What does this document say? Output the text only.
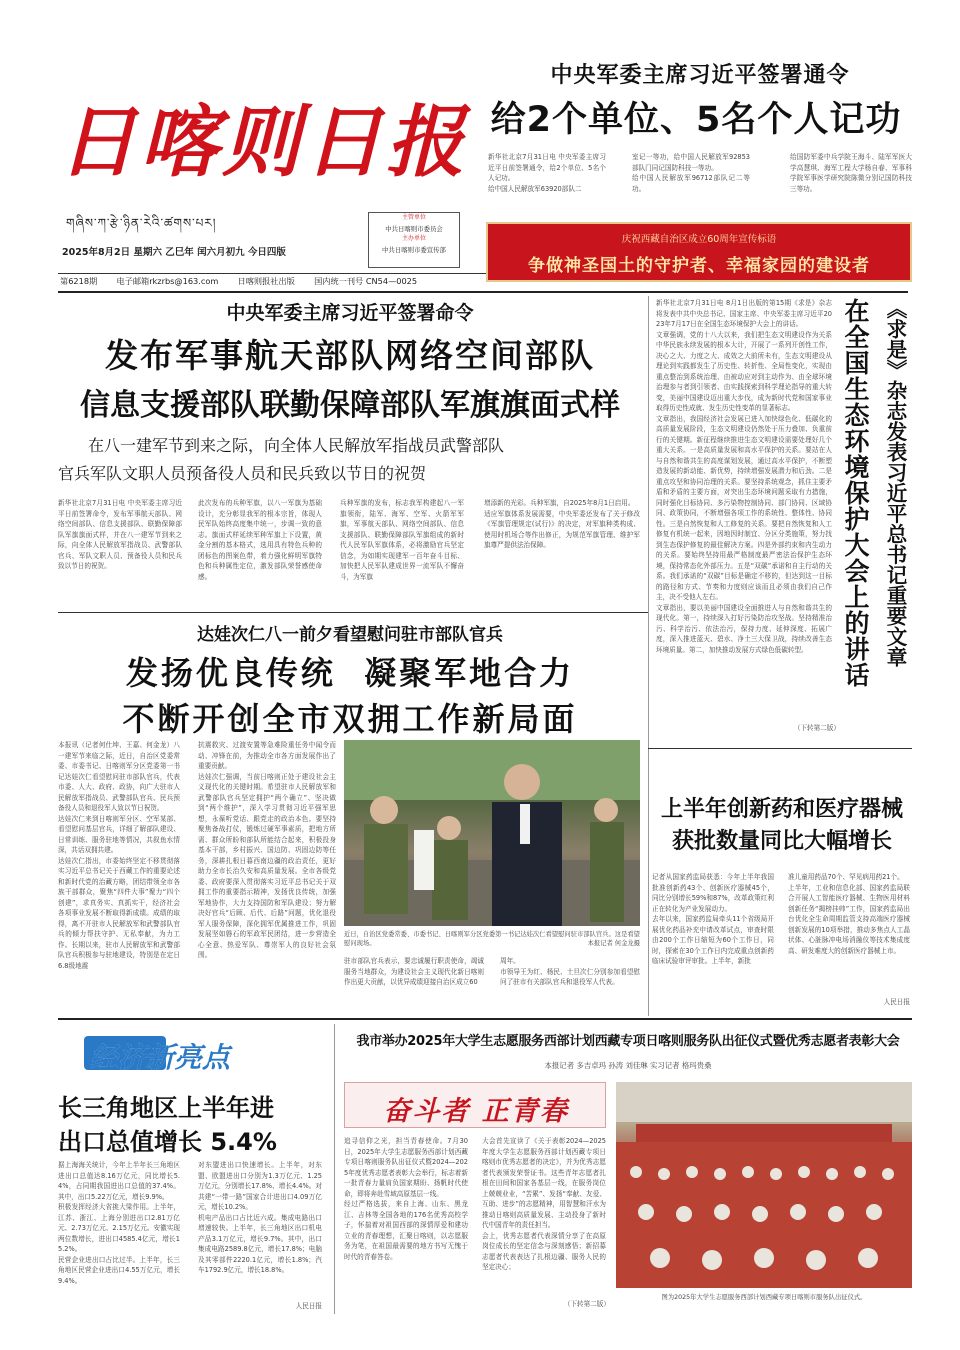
日喀则日报
གཞིས་ཀ་རྩེ་ཉིན་རེའི་ཚགས་པར།
2025年8月2日 星期六 乙巳年 闰六月初九 今日四版
主管单位
中共日喀则市委员会
主办单位
中共日喀则市委宣传部
第6218期 电子邮箱rkzrbs@163.com 日喀则报社出版 国内统一刊号 CN54—0025
中央军委主席习近平签署通令
给2个单位、5名个人记功
新华社北京7月31日电 中央军委主席习近平日前签署通令，给2个单位、5名个人记功。
给中国人民解放军63920部队二
室记一等功，给中国人民解放军92853部队门同记国防科技一等功。
给中国人民解放军96712部队记二等功。
给国防军委中兵学院王海斗、陆军军医大学高慧琪、海军工程大学杨自春、军事科学院军事医学研究院陈微分别记国防科技三等功。
庆祝西藏自治区成立60周年宣传标语
争做神圣国土的守护者、幸福家园的建设者
中央军委主席习近平签署命令
发布军事航天部队网络空间部队
信息支援部队联勤保障部队军旗旗面式样
在八一建军节到来之际，向全体人民解放军指战员武警部队
官兵军队文职人员预备役人员和民兵致以节日的祝贺
新华社北京7月31日电 中央军委主席习近平日前签署命令，发布军事航天部队、网络空间部队、信息支援部队、联勤保障部队军旗旗面式样，并在八一建军节到来之际，向全体人民解放军指战员、武警部队官兵、军队文职人员、预备役人员和民兵致以节日的祝贺。
此次发布的兵种军旗，以八一军旗为基础设计，充分彰显我军的根本宗旨，体现人民军队始终高度集中统一，步调一致的意志。旗面式样延续军种军旗上下设置，黄金分割的基本格式，选用具有特色兵种的团标色的图案色带，着力强化鲜明军旗特色和兵种属性定位，激发部队荣誉感使命感。
兵种军旗的发布，标志我军构建起八一军旗领衔，陆军、海军、空军、火箭军军旗，军事航天部队、网络空间部队、信息支援部队、联勤保障部队军旗组成的新时代人民军队军旗体系，必将激励官兵坚定信念，为如期实现建军一百年奋斗目标、加快把人民军队建成世界一流军队不懈奋斗，为军旗
增添新的光彩。兵种军旗，自2025年8月1日启用。
适应军旗体系发展需要，中央军委还发布了关于修改《军旗管理规定(试行)》的决定，对军旗种类构成、使用时机场合等作出修正，为规范军旗管理、维护军旗尊严提供法治保障。
达娃次仁八一前夕看望慰问驻市部队官兵
发扬优良传统  凝聚军地合力
不断开创全市双拥工作新局面
本报讯（记者何仕坤、王嘉、何金龙）八一建军节来临之际，近日，自治区党委常委、市委书记、日喀则军分区党委第一书记达娃次仁看望慰问驻市部队官兵，代表市委、人大、政府、政协，向广大驻市人民解放军指战员、武警部队官兵、民兵预备役人员和退役军人致以节日祝贺。
达娃次仁来到日喀则军分区、空军某部、看望慰问基层官兵，详细了解部队建设、日常训练、服务驻地等情况，共叙鱼水情深，共话双拥共建。
达娃次仁指出，市委始终坚定不移贯彻落实习近平总书记关于西藏工作的重要论述和新时代党的治藏方略，团结带领全市各族干部群众，聚焦“四件大事”聚力“四个创建”，求真务实、真抓实干，经济社会各项事业发展不断取得新成绩。成绩的取得，离不开驻市人民解放军和武警部队官兵的倾力帮扶守护、无私奉献，为力工作。长期以来，驻市人民解放军和武警部队官兵积极参与驻地建设，特别是在定日6.8级地震
抗震救灾、过渡安置等急难险重任务中闻令而动、冲锋在前，为推动全市各方面发展作出了重要贡献。
达娃次仁强调，当前日喀则正处于建设社会主义现代化的关键时期。希望驻市人民解放军和武警部队官兵坚定拥护“两个确立”、坚决做到“两个维护”，深入学习贯彻习近平强军思想，永葆听党话、跟党走的政治本色。要坚持聚焦备战打仗，锻炼过硬军事素质，把地方所需、群众所盼和部队所能结合起来，积极投身基本干部，乡村振兴、国边防、巩固边防等任务，深耕扎根日暮西南边疆的政治责任，更好助力全市长治久安和高质量发展。全市各级党委、政府要深入贯彻落实习近平总书记关于双拥工作的重要指示精神，发扬优良传统，加强军地协作，大力支持国防和军队建设；努力解决好官兵“后顾、后代、后路”问题，优化退役军人服务保障，深化拥军优属推进工作，巩固发展坚如磐石的军政军民团结，进一步营造全心全意、热爱军队、尊崇军人的良好社会氛围。
近日，自治区党委常委、市委书记、日喀则军分区党委第一书记达娃次仁看望慰问驻市部队官兵。这是看望慰问现场。	本报记者 何金龙摄
驻市部队官兵表示，要忠诚履行职责使命，竭诚服务当地群众，为建设社会主义现代化新日喀则作出更大贡献，以优异成绩迎接自治区成立60
周年。
市领导王为红、杨民、土旦次仁分别参加看望慰问了驻市有关部队官兵和退役军人代表。
新华社北京7月31日电 8月1日出版的第15期《求是》杂志将发表中共中央总书记、国家主席、中央军委主席习近平2023年7月17日在全国生态环境保护大会上的讲话。
文章强调，党的十八大以来，我们把生态文明建设作为关系中华民族永续发展的根本大计，开展了一系列开创性工作，决心之大、力度之大、成效之大前所未有，生态文明建设从理论到实践都发生了历史性、转折性、全局性变化，实现由重点整治到系统治理、由被动应对到主动作为、由全球环境治理参与者到引领者、由实践探索到科学理论指导的重大转变，美丽中国建设迈出重大步伐，成为新时代党和国家事业取得历史性成就、发生历史性变革的显著标志。
文章指出，我国经济社会发展已进入加快绿色化、低碳化的高质量发展阶段，生态文明建设仍然处于压力叠加、负重前行的关键期。新征程继续推进生态文明建设需要处理好几个重大关系。一是高质量发展和高水平保护的关系。要站在人与自然和谐共生的高度谋划发展，通过高水平保护，不断塑造发展的新动能、新优势，持续增强发展潜力和后劲。二是重点攻坚和协同治理的关系。要坚持系统观念，抓住主要矛盾和矛盾的主要方面，对突出生态环境问题采取有力措施，同时强化目标协同、多污染物控制协同、部门协同、区域协同、政策协同，不断增强各项工作的系统性、整体性、协同性。三是自然恢复和人工修复的关系。要把自然恢复和人工修复有机统一起来，因地因时制宜、分区分类施策，努力找到生态保护修复的最佳解决方案。四是外部约束和内生动力的关系。要始终坚持用最严格制度最严密法治保护生态环境，保持常态化外部压力。五是“双碳”承诺和自主行动的关系。我们承诺的“双碳”目标是确定不移的，但达到这一目标的路径和方式、节奏和力度则应该而且必须由我们自己作主，决不受他人左右。
文章指出，要以美丽中国建设全面推进人与自然和谐共生的现代化。第一，持续深入打好污染防治攻坚战。坚持精准治污、科学治污、依法治污，保持力度、延伸深度、拓展广度，深入推进蓝天、碧水、净土三大保卫战，持续改善生态环境质量。第二，加快推动发展方式绿色低碳转型。
（下转第二版）
在全国生态环境保护大会上的讲话 《求是》杂志发表习近平总书记重要文章
上半年创新药和医疗器械
获批数量同比大幅增长
记者从国家药监局获悉：今年上半年我国批准创新药43个、创新医疗器械45个，同比分别增长59%和87%，改革政策红利正在转化为产业发展动力。
去年以来，国家药监局牵头11个省级局开展优化药品补充申请改革试点，审查时限由200个工作日缩短为60个工作日，同时，探索在30个工作日内完成重点创新药临床试验审评审批。上半年，新批
准儿童用药品70个、罕见病用药21个。
上半年，工业和信息化部、国家药监局联合开展人工智能医疗器械、生物医用材料创新任务“揭榜挂帅”工作，国家药监局出台优化全生命周期监管支持高端医疗器械创新发展的10项举措，推动多焦点人工晶状体、心脏脉冲电场消融仪等技术集成度高、研发难度大的创新医疗器械上市。
人民日报
经济新亮点
长三角地区上半年进
出口总值增长 5.4%
据上海海关统计，今年上半年长三角地区进出口总值达8.16万亿元，同比增长5.4%，占同期我国进出口总值的37.4%。其中，出口5.22万亿元，增长9.9%。
积极发挥经济大省挑大梁作用。上半年，江苏、浙江、上海分别进出口2.81万亿元、2.73万亿元、2.15万亿元。安徽实现两位数增长，进出口4585.4亿元，增长15.2%。
民营企业进出口占比过半。上半年，长三角地区民营企业进出口4.55万亿元，增长9.4%。
对东盟进出口快速增长。上半年，对东盟、欧盟进出口分别为1.3万亿元、1.25万亿元，分别增长17.8%、增长4.4%。对共建“一带一路”国家合计进出口4.09万亿元，增长10.2%。
机电产品出口占比近六成。集成电路出口增速较快。上半年，长三角地区出口机电产品3.1万亿元，增长9.7%。其中，出口集成电路2589.8亿元，增长17.8%；电脑及其零部件2220.1亿元，增长1.8%；汽车1792.9亿元，增长18.8%。
人民日报
我市举办2025年大学生志愿服务西部计划西藏专项日喀则服务队出征仪式暨优秀志愿者表彰大会
本报记者 多吉卓玛 孙涛 刘佳琳 实习记者 格玛贵桑
奋斗者 正青春
追寻信仰之光，担当青春使命。7月30日，2025年大学生志愿服务西部计划西藏专项日喀则服务队出征仪式暨2024—2025年度优秀志愿者表彰大会举行，标志着新一批青春力量肩负国家期盼、扬帆时代使命，即将奔赴雪域高原基层一线。
经过严格选拔，来自上海、山东、黑龙江、吉林等全国各地的176名优秀高校学子，怀揣着对祖国西部的深情厚爱和建功立业的青春理想，汇聚日喀则，以志愿服务为笔，在祖国最需要的地方书写无愧于时代的青春答卷。
大会首先宣读了《关于表彰2024—2025年度大学生志愿服务西部计划西藏专项日喀则市优秀志愿者的决定》，并为优秀志愿者代表颁发荣誉证书。这些青年志愿者扎根在田间和国家各基层一线，在服务岗位上兢兢业业，“苦累”、发扬“奉献、友爱、互助、进步”的志愿精神，用智慧和汗水为推动日喀则高质量发展、主动投身了新时代中国青年的责任担当。
会上，优秀志愿者代表深情分享了在高原岗位成长的坚定信念与深刻感悟；新招募志愿者代表表达了扎根边疆、服务人民的坚定决心；
（下转第二版）
图为2025年大学生志愿服务西部计划西藏专项日喀则市服务队出征仪式。
